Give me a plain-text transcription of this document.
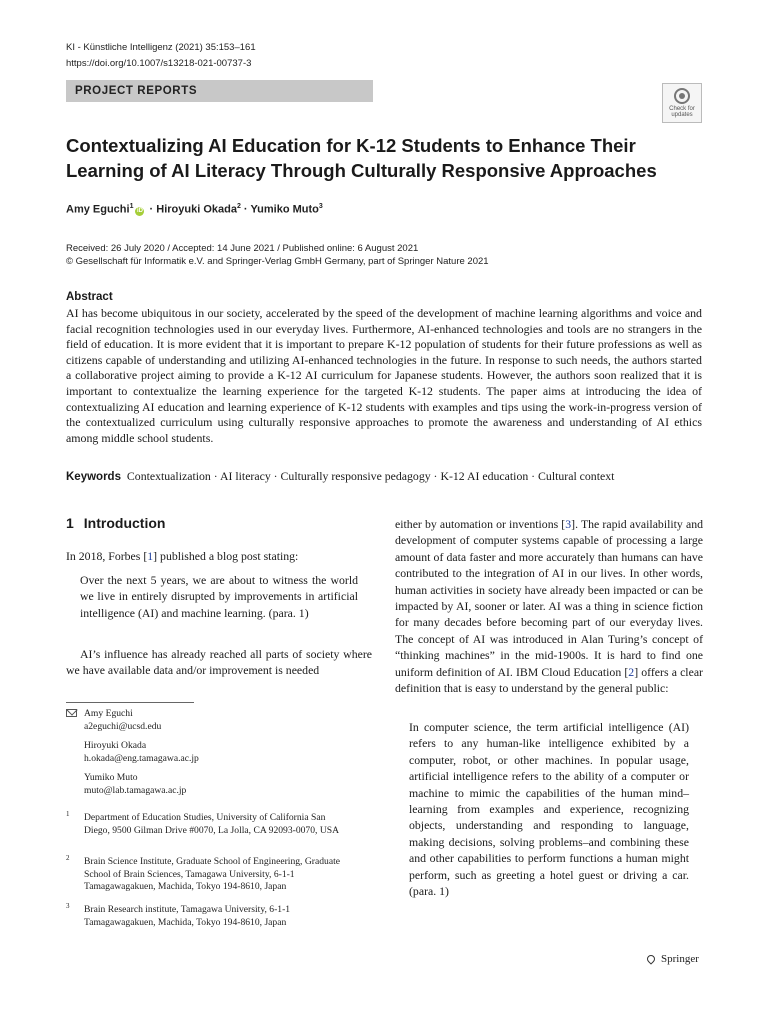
KI - Künstliche Intelligenz (2021) 35:153–161
https://doi.org/10.1007/s13218-021-00737-3
PROJECT REPORTS
Check for
updates
Contextualizing AI Education for K-12 Students to Enhance Their Learning of AI Literacy Through Culturally Responsive Approaches
Amy Eguchi$^1$iD · Hiroyuki Okada$^2$ · Yumiko Muto$^3$
Received: 26 July 2020 / Accepted: 14 June 2021 / Published online: 6 August 2021
© Gesellschaft für Informatik e.V. and Springer-Verlag GmbH Germany, part of Springer Nature 2021
Abstract
AI has become ubiquitous in our society, accelerated by the speed of the development of machine learning algorithms and voice and facial recognition technologies used in our everyday lives. Furthermore, AI-enhanced technologies and tools are no strangers in the field of education. It is more evident that it is important to prepare K-12 population of students for their future professions as well as citizens capable of understanding and utilizing AI-enhanced technologies in the future. In response to such needs, the authors started a collaborative project aiming to provide a K-12 AI curriculum for Japanese students. However, the authors soon realized that it is important to contextualize the learning experience for the targeted K-12 students. The paper aims at introducing the idea of contextualizing AI education and learning experience of K-12 students with examples and tips using the work-in-progress version of the contextualized curriculum using culturally responsive approaches to promote the awareness and understanding of AI ethics among middle school students.
Keywords Contextualization · AI literacy · Culturally responsive pedagogy · K-12 AI education · Cultural context
1 Introduction
In 2018, Forbes [1] published a blog post stating:
Over the next 5 years, we are about to witness the world we live in entirely disrupted by improvements in artificial intelligence (AI) and machine learning. (para. 1)
AI’s influence has already reached all parts of society where we have available data and/or improvement is needed
either by automation or inventions [3]. The rapid availability and development of computer systems capable of processing a large amount of data faster and more accurately than humans can have contributed to the integration of AI in our lives. In other words, human activities in society have already been impacted or can be impacted by AI, sooner or later. AI was a thing in science fiction for many decades before becoming part of our everyday lives. The concept of AI was introduced in Alan Turing’s concept of “thinking machines” in the mid-1900s. It is hard to find one uniform definition of AI. IBM Cloud Education [2] offers a clear definition that is easy to understand by the general public:
In computer science, the term artificial intelligence (AI) refers to any human-like intelligence exhibited by a computer, robot, or other machines. In popular usage, artificial intelligence refers to the ability of a computer or machine to mimic the capabilities of the human mind–learning from examples and experience, recognizing objects, understanding and responding to language, making decisions, solving problems–and combining these and other capabilities to perform functions a human might perform, such as greeting a hotel guest or driving a car. (para. 1)
Amy Eguchi
a2eguchi@ucsd.edu
Hiroyuki Okada
h.okada@eng.tamagawa.ac.jp
Yumiko Muto
muto@lab.tamagawa.ac.jp
1 Department of Education Studies, University of California San Diego, 9500 Gilman Drive #0070, La Jolla, CA 92093-0070, USA
2 Brain Science Institute, Graduate School of Engineering, Graduate School of Brain Sciences, Tamagawa University, 6-1-1 Tamagawagakuen, Machida, Tokyo 194-8610, Japan
3 Brain Research institute, Tamagawa University, 6-1-1 Tamagawagakuen, Machida, Tokyo 194-8610, Japan
Springer
